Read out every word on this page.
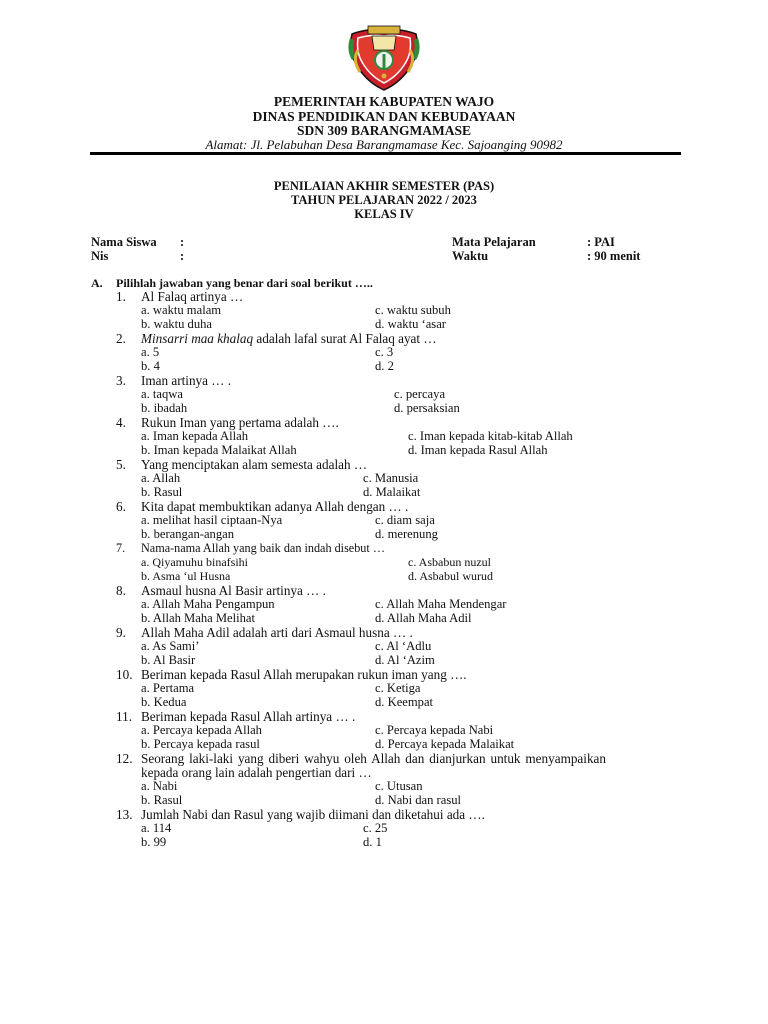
PEMERINTAH KABUPATEN WAJO
DINAS PENDIDIKAN DAN KEBUDAYAAN
SDN 309 BARANGMAMASE
Alamat: Jl. Pelabuhan Desa Barangmamase Kec. Sajoanging 90982
PENILAIAN AKHIR SEMESTER (PAS)
TAHUN PELAJARAN 2022 / 2023
KELAS IV
Nama Siswa :
Nis	:
Mata Pelajaran	: PAI
Waktu	: 90 menit
A. Pilihlah jawaban yang benar dari soal berikut …..
1. Al Falaq artinya …
a. waktu malam
b. waktu duha
c. waktu subuh
d. waktu ‘asar
2. Minsarri maa khalaq adalah lafal surat Al Falaq ayat …
a. 5
b. 4
c. 3
d. 2
3. Iman artinya … .
a. taqwa
b. ibadah
c. percaya
d. persaksian
4. Rukun Iman yang pertama adalah ….
a. Iman kepada Allah
b. Iman kepada Malaikat Allah
c. Iman kepada kitab-kitab Allah
d. Iman kepada Rasul Allah
5. Yang menciptakan alam semesta adalah …
a. Allah
b. Rasul
c. Manusia
d. Malaikat
6. Kita dapat membuktikan adanya Allah dengan … .
a. melihat hasil ciptaan-Nya
b. berangan-angan
c. diam saja
d. merenung
7. Nama-nama Allah yang baik dan indah disebut …
a. Qiyamuhu binafsihi
b. Asma ‘ul Husna
c. Asbabun nuzul
d. Asbabul wurud
8. Asmaul husna Al Basir artinya … .
a. Allah Maha Pengampun
b. Allah Maha Melihat
c. Allah Maha Mendengar
d. Allah Maha Adil
9. Allah Maha Adil adalah arti dari Asmaul husna … .
a. As Sami’
b. Al Basir
c. Al ‘Adlu
d. Al ‘Azim
10. Beriman kepada Rasul Allah merupakan rukun iman yang ….
a. Pertama
b. Kedua
c. Ketiga
d. Keempat
11. Beriman kepada Rasul Allah artinya … .
a. Percaya kepada Allah
b. Percaya kepada rasul
c. Percaya kepada Nabi
d. Percaya kepada Malaikat
12. Seorang laki-laki yang diberi wahyu oleh Allah dan dianjurkan untuk menyampaikan
kepada orang lain adalah pengertian dari …
a. Nabi
b. Rasul
c. Utusan
d. Nabi dan rasul
13. Jumlah Nabi dan Rasul yang wajib diimani dan diketahui ada ….
a. 114
b. 99
c. 25
d. 1
